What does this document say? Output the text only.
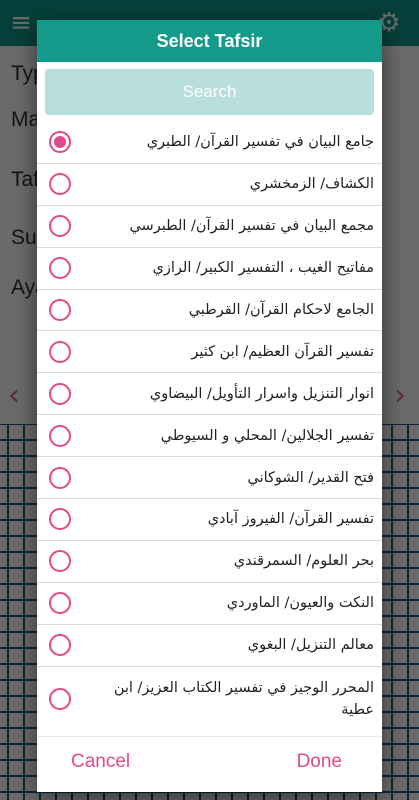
Select Tafsir
Search
جامع البيان في تفسير القرآن/ الطبري
الكشاف/ الزمخشري
مجمع البيان في تفسير القرآن/ الطبرسي
مفاتيح الغيب ، التفسير الكبير/ الرازي
الجامع لاحكام القرآن/ القرطبي
تفسير القرآن العظيم/ ابن كثير
انوار التنزيل واسرار التأويل/ البيضاوي
تفسير الجلالين/ المحلي و السيوطي
فتح القدير/ الشوكاني
تفسير القرآن/ الفيروز آبادي
بحر العلوم/ السمرقندي
النكت والعيون/ الماوردي
معالم التنزيل/ البغوي
المحرر الوجيز في تفسير الكتاب العزيز/ ابن عطية
Cancel	Done
